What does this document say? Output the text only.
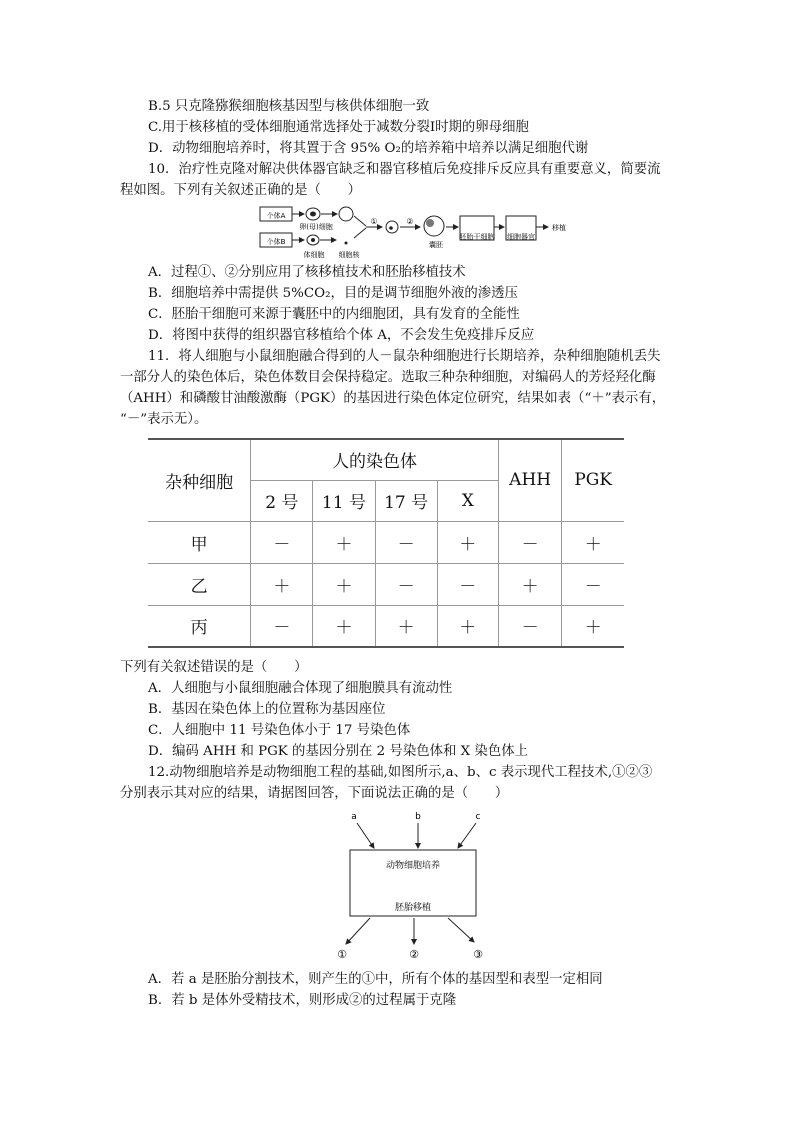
B.5 只克隆猕猴细胞核基因型与核供体细胞一致
C.用于核移植的受体细胞通常选择处于减数分裂Ⅰ时期的卵母细胞
D．动物细胞培养时，将其置于含 95% O₂的培养箱中培养以满足细胞代谢
10．治疗性克隆对解决供体器官缺乏和器官移植后免疫排斥反应具有重要意义，简要流
程如图。下列有关叙述正确的是（　　）
个体A
个体B
卵(母)细胞
体细胞 细胞核
①	②
囊胚
胚胎干细胞 细胞器官
移植
A．过程①、②分别应用了核移植技术和胚胎移植技术
B．细胞培养中需提供 5%CO₂，目的是调节细胞外液的渗透压
C．胚胎干细胞可来源于囊胚中的内细胞团，具有发育的全能性
D．将图中获得的组织器官移植给个体 A，不会发生免疫排斥反应
11．将人细胞与小鼠细胞融合得到的人－鼠杂种细胞进行长期培养，杂种细胞随机丢失
一部分人的染色体后，染色体数目会保持稳定。选取三种杂种细胞，对编码人的芳烃羟化酶
（AHH）和磷酸甘油酸激酶（PGK）的基因进行染色体定位研究，结果如表（“＋”表示有，
“－”表示无）。
杂种细胞	人的染色体				AHH	PGK
	2 号	11 号	17 号	X		
甲	－	＋	－	＋	－	＋
乙	＋	＋	－	－	＋	－
丙	－	＋	＋	＋	－	＋
下列有关叙述错误的是（　　）
A．人细胞与小鼠细胞融合体现了细胞膜具有流动性
B．基因在染色体上的位置称为基因座位
C．人细胞中 11 号染色体小于 17 号染色体
D．编码 AHH 和 PGK 的基因分别在 2 号染色体和 X 染色体上
12.动物细胞培养是动物细胞工程的基础,如图所示,a、b、c 表示现代工程技术,①②③
分别表示其对应的结果，请据图回答，下面说法正确的是（　　）
a	b	c
动物细胞培养
胚胎移植
①	②	③
A．若 a 是胚胎分割技术，则产生的①中，所有个体的基因型和表型一定相同
B．若 b 是体外受精技术，则形成②的过程属于克隆
